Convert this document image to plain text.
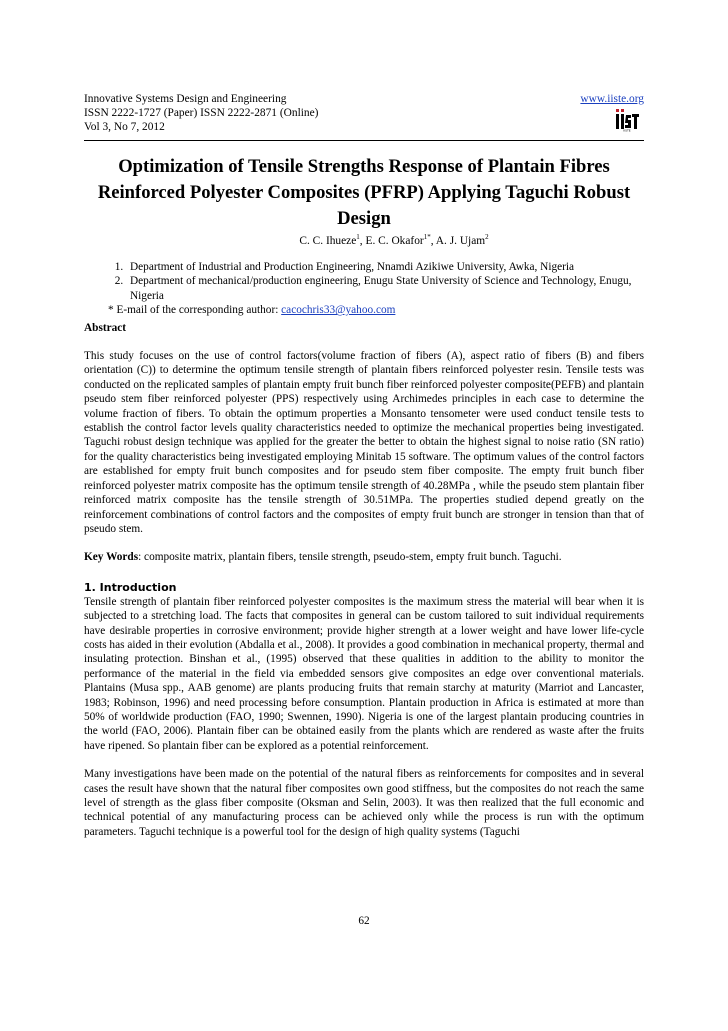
Innovative Systems Design and Engineering
ISSN 2222-1727 (Paper) ISSN 2222-2871 (Online)
Vol 3, No 7, 2012
www.iiste.org
IISTE
Optimization of Tensile Strengths Response of Plantain Fibres Reinforced Polyester Composites (PFRP) Applying Taguchi Robust Design
C. C. Ihueze$^1$, E. C. Okafor$^{1*}$, A. J. Ujam$^2$
1. Department of Industrial and Production Engineering, Nnamdi Azikiwe University, Awka, Nigeria
2. Department of mechanical/production engineering, Enugu State University of Science and Technology, Enugu, Nigeria
* E-mail of the corresponding author: cacochris33@yahoo.com
Abstract

This study focuses on the use of control factors(volume fraction of fibers (A), aspect ratio of fibers (B) and fibers orientation (C)) to determine the optimum tensile strength of plantain fibers reinforced polyester resin. Tensile tests was conducted on the replicated samples of plantain empty fruit bunch fiber reinforced polyester composite(PEFB) and plantain pseudo stem fiber reinforced polyester (PPS) respectively using Archimedes principles in each case to determine the volume fraction of fibers. To obtain the optimum properties a Monsanto tensometer were used conduct tensile tests to establish the control factor levels quality characteristics needed to optimize the mechanical properties being investigated. Taguchi robust design technique was applied for the greater the better to obtain the highest signal to noise ratio (SN ratio) for the quality characteristics being investigated employing Minitab 15 software. The optimum values of the control factors are established for empty fruit bunch composites and for pseudo stem fiber composite. The empty fruit bunch fiber reinforced polyester matrix composite has the optimum tensile strength of 40.28MPa , while the pseudo stem plantain fiber reinforced matrix composite has the tensile strength of 30.51MPa. The properties studied depend greatly on the reinforcement combinations of control factors and the composites of empty fruit bunch are stronger in tension than that of pseudo stem.

Key Words: composite matrix, plantain fibers, tensile strength, pseudo-stem, empty fruit bunch. Taguchi.

1. Introduction

Tensile strength of plantain fiber reinforced polyester composites is the maximum stress the material will bear when it is subjected to a stretching load. The facts that composites in general can be custom tailored to suit individual requirements have desirable properties in corrosive environment; provide higher strength at a lower weight and have lower life-cycle costs has aided in their evolution (Abdalla et al., 2008). It provides a good combination in mechanical property, thermal and insulating protection. Binshan et al., (1995) observed that these qualities in addition to the ability to monitor the performance of the material in the field via embedded sensors give composites an edge over conventional materials. Plantains (Musa spp., AAB genome) are plants producing fruits that remain starchy at maturity (Marriot and Lancaster, 1983; Robinson, 1996) and need processing before consumption. Plantain production in Africa is estimated at more than 50% of worldwide production (FAO, 1990; Swennen, 1990). Nigeria is one of the largest plantain producing countries in the world (FAO, 2006). Plantain fiber can be obtained easily from the plants which are rendered as waste after the fruits have ripened. So plantain fiber can be explored as a potential reinforcement.

Many investigations have been made on the potential of the natural fibers as reinforcements for composites and in several cases the result have shown that the natural fiber composites own good stiffness, but the composites do not reach the same level of strength as the glass fiber composite (Oksman and Selin, 2003). It was then realized that the full economic and technical potential of any manufacturing process can be achieved only while the process is run with the optimum parameters. Taguchi technique is a powerful tool for the design of high quality systems (Taguchi

62
